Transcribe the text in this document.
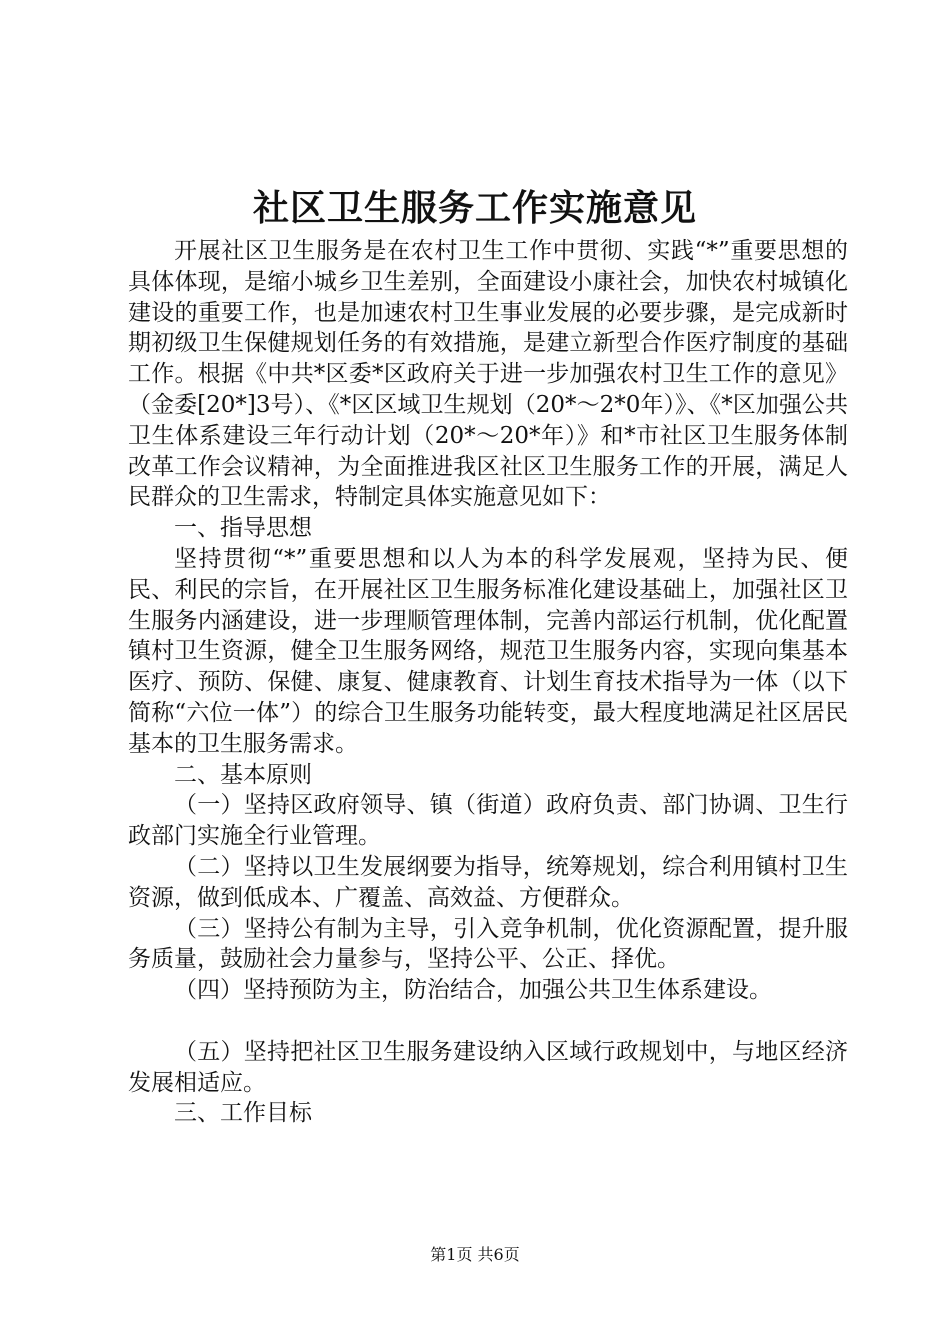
社区卫生服务工作实施意见

开展社区卫生服务是在农村卫生工作中贯彻、实践“*”重要思想的具体体现，是缩小城乡卫生差别，全面建设小康社会，加快农村城镇化建设的重要工作，也是加速农村卫生事业发展的必要步骤，是完成新时期初级卫生保健规划任务的有效措施，是建立新型合作医疗制度的基础工作。根据《中共*区委*区政府关于进一步加强农村卫生工作的意见》（金委[20*]3号）、《*区区域卫生规划（20*～2*0年）》、《*区加强公共卫生体系建设三年行动计划（20*～20*年）》和*市社区卫生服务体制改革工作会议精神，为全面推进我区社区卫生服务工作的开展，满足人民群众的卫生需求，特制定具体实施意见如下：

一、指导思想

坚持贯彻“*”重要思想和以人为本的科学发展观，坚持为民、便民、利民的宗旨，在开展社区卫生服务标准化建设基础上，加强社区卫生服务内涵建设，进一步理顺管理体制，完善内部运行机制，优化配置镇村卫生资源，健全卫生服务网络，规范卫生服务内容，实现向集基本医疗、预防、保健、康复、健康教育、计划生育技术指导为一体（以下简称“六位一体”）的综合卫生服务功能转变，最大程度地满足社区居民基本的卫生服务需求。

二、基本原则

（一）坚持区政府领导、镇（街道）政府负责、部门协调、卫生行政部门实施全行业管理。

（二）坚持以卫生发展纲要为指导，统筹规划，综合利用镇村卫生资源，做到低成本、广覆盖、高效益、方便群众。

（三）坚持公有制为主导，引入竞争机制，优化资源配置，提升服务质量，鼓励社会力量参与，坚持公平、公正、择优。

（四）坚持预防为主，防治结合，加强公共卫生体系建设。

（五）坚持把社区卫生服务建设纳入区域行政规划中，与地区经济发展相适应。

三、工作目标

第1页 共6页
